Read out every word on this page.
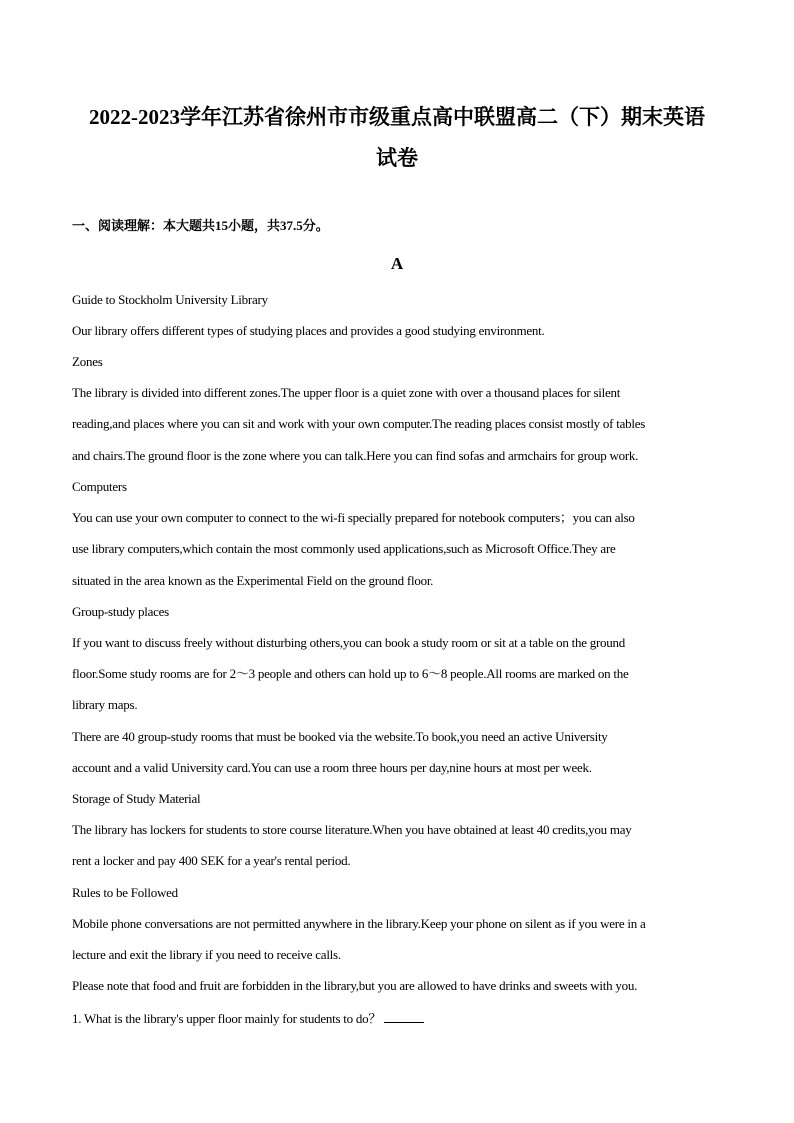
2022-2023学年江苏省徐州市市级重点高中联盟高二（下）期末英语
试卷
一、阅读理解：本大题共15小题，共37.5分。
A
Guide to Stockholm University Library
Our library offers different types of studying places and provides a good studying environment.
Zones
The library is divided into different zones.The upper floor is a quiet zone with over a thousand places for silent
reading,and places where you can sit and work with your own computer.The reading places consist mostly of tables
and chairs.The ground floor is the zone where you can talk.Here you can find sofas and armchairs for group work.
Computers
You can use your own computer to connect to the wi-fi specially prepared for notebook computers；you can also
use library computers,which contain the most commonly used applications,such as Microsoft Office.They are
situated in the area known as the Experimental Field on the ground floor.
Group-study places
If you want to discuss freely without disturbing others,you can book a study room or sit at a table on the ground
floor.Some study rooms are for 2～3 people and others can hold up to 6～8 people.All rooms are marked on the
library maps.
There are 40 group-study rooms that must be booked via the website.To book,you need an active University
account and a valid University card.You can use a room three hours per day,nine hours at most per week.
Storage of Study Material
The library has lockers for students to store course literature.When you have obtained at least 40 credits,you may
rent a locker and pay 400 SEK for a year's rental period.
Rules to be Followed
Mobile phone conversations are not permitted anywhere in the library.Keep your phone on silent as if you were in a
lecture and exit the library if you need to receive calls.
Please note that food and fruit are forbidden in the library,but you are allowed to have drinks and sweets with you.
1. What is the library's upper floor mainly for students to do？
